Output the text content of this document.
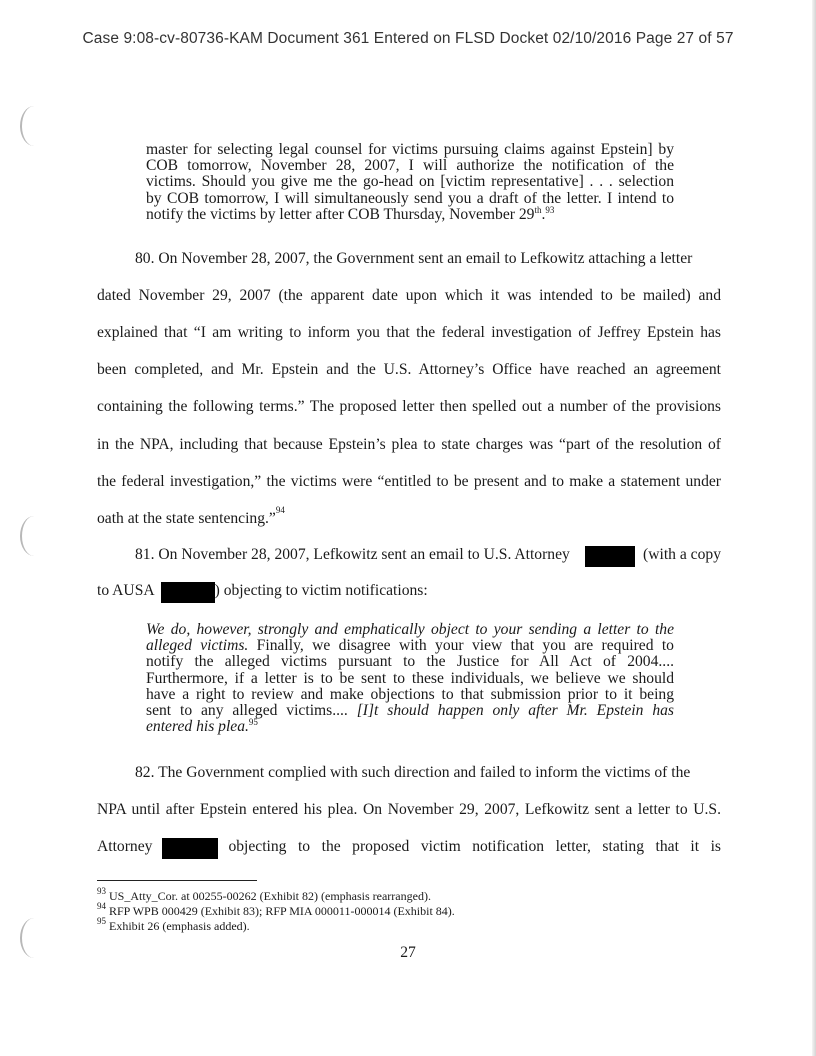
Case 9:08-cv-80736-KAM Document 361 Entered on FLSD Docket 02/10/2016 Page 27 of 57
master for selecting legal counsel for victims pursuing claims against Epstein] by
COB tomorrow, November 28, 2007, I will authorize the notification of the
victims. Should you give me the go-head on [victim representative] . . . selection
by COB tomorrow, I will simultaneously send you a draft of the letter. I intend to
notify the victims by letter after COB Thursday, November 29th.$^{93}$
80. On November 28, 2007, the Government sent an email to Lefkowitz attaching a letter
dated November 29, 2007 (the apparent date upon which it was intended to be mailed) and
explained that “I am writing to inform you that the federal investigation of Jeffrey Epstein has
been completed, and Mr. Epstein and the U.S. Attorney’s Office have reached an agreement
containing the following terms.” The proposed letter then spelled out a number of the provisions
in the NPA, including that because Epstein’s plea to state charges was “part of the resolution of
the federal investigation,” the victims were “entitled to be present and to make a statement under
oath at the state sentencing.” 94
81. On November 28, 2007, Lefkowitz sent an email to U.S. Attorney	(with a copy
to AUSA	) objecting to victim notifications:
We do, however, strongly and emphatically object to your sending a letter to the
alleged victims. Finally, we disagree with your view that you are required to
notify the alleged victims pursuant to the Justice for All Act of 2004....
Furthermore, if a letter is to be sent to these individuals, we believe we should
have a right to review and make objections to that submission prior to it being
sent to any alleged victims.... [I]t should happen only after Mr. Epstein has
entered his plea.$^{95}$
82. The Government complied with such direction and failed to inform the victims of the
NPA until after Epstein entered his plea. On November 29, 2007, Lefkowitz sent a letter to U.S.
Attorney	objecting  to  the  proposed  victim  notification  letter,  stating  that  it  is
$^{93}$ US_Atty_Cor. at 00255-00262 (Exhibit 82) (emphasis rearranged).
$^{94}$ RFP WPB 000429 (Exhibit 83); RFP MIA 000011-000014 (Exhibit 84).
$^{95}$ Exhibit 26 (emphasis added).
27
